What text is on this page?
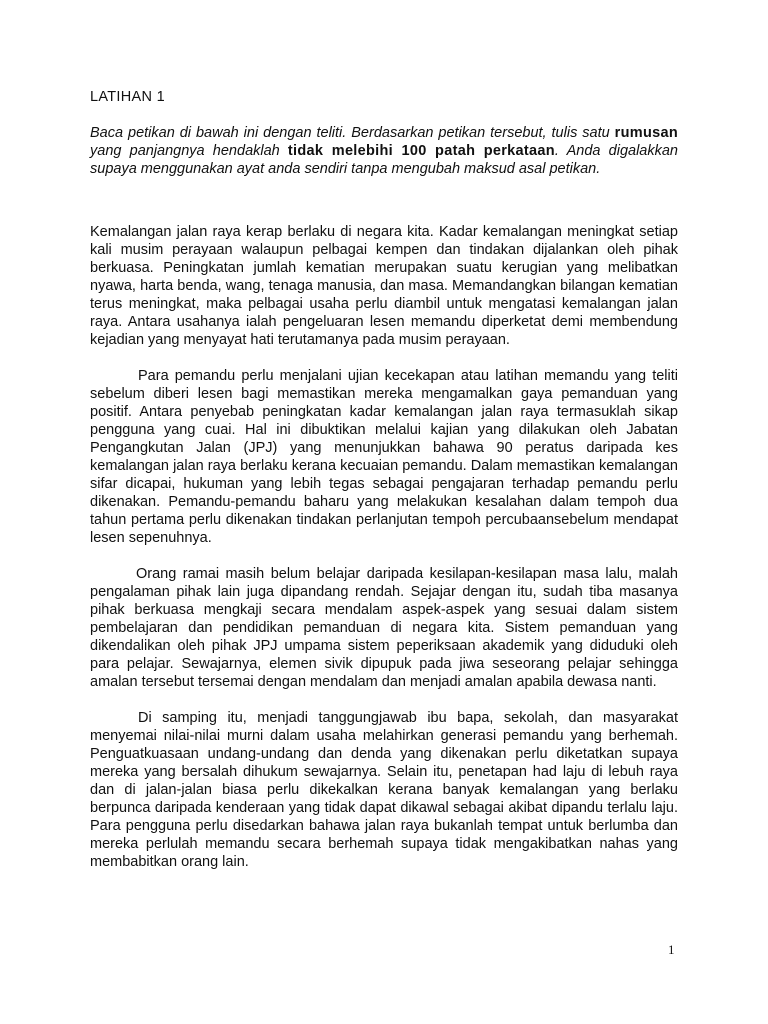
LATIHAN 1
Baca petikan di bawah ini dengan teliti. Berdasarkan petikan tersebut, tulis satu rumusan yang panjangnya hendaklah tidak melebihi 100 patah perkataan. Anda digalakkan supaya menggunakan ayat anda sendiri tanpa mengubah maksud asal petikan.

Kemalangan jalan raya kerap berlaku di negara kita. Kadar kemalangan meningkat setiap kali musim perayaan walaupun pelbagai kempen dan tindakan dijalankan oleh pihak berkuasa. Peningkatan jumlah kematian merupakan suatu kerugian yang melibatkan nyawa, harta benda, wang, tenaga manusia, dan masa. Memandangkan bilangan kematian terus meningkat, maka pelbagai usaha perlu diambil untuk mengatasi kemalangan jalan raya. Antara usahanya ialah pengeluaran lesen memandu diperketat demi membendung kejadian yang menyayat hati terutamanya pada musim perayaan.

Para pemandu perlu menjalani ujian kecekapan atau latihan memandu yang teliti sebelum diberi lesen bagi memastikan mereka mengamalkan gaya pemanduan yang positif. Antara penyebab peningkatan kadar kemalangan jalan raya termasuklah sikap pengguna yang cuai. Hal ini dibuktikan melalui kajian yang dilakukan oleh Jabatan Pengangkutan Jalan (JPJ) yang menunjukkan bahawa 90 peratus daripada kes kemalangan jalan raya berlaku kerana kecuaian pemandu. Dalam memastikan kemalangan sifar dicapai, hukuman yang lebih tegas sebagai pengajaran terhadap pemandu perlu dikenakan. Pemandu-pemandu baharu yang melakukan kesalahan dalam tempoh dua tahun pertama perlu dikenakan tindakan perlanjutan tempoh percubaansebelum mendapat lesen sepenuhnya.

Orang ramai masih belum belajar daripada kesilapan-kesilapan masa lalu, malah pengalaman pihak lain juga dipandang rendah. Sejajar dengan itu, sudah tiba masanya pihak berkuasa mengkaji secara mendalam aspek-aspek yang sesuai dalam sistem pembelajaran dan pendidikan pemanduan di negara kita. Sistem pemanduan yang dikendalikan oleh pihak JPJ umpama sistem peperiksaan akademik yang diduduki oleh para pelajar. Sewajarnya, elemen sivik dipupuk pada jiwa seseorang pelajar sehingga amalan tersebut tersemai dengan mendalam dan menjadi amalan apabila dewasa nanti.

Di samping itu, menjadi tanggungjawab ibu bapa, sekolah, dan masyarakat menyemai nilai-nilai murni dalam usaha melahirkan generasi pemandu yang berhemah. Penguatkuasaan undang-undang dan denda yang dikenakan perlu diketatkan supaya mereka yang bersalah dihukum sewajarnya. Selain itu, penetapan had laju di lebuh raya dan di jalan-jalan biasa perlu dikekalkan kerana banyak kemalangan yang berlaku berpunca daripada kenderaan yang tidak dapat dikawal sebagai akibat dipandu terlalu laju. Para pengguna perlu disedarkan bahawa jalan raya bukanlah tempat untuk berlumba dan mereka perlulah memandu secara berhemah supaya tidak mengakibatkan nahas yang membabitkan orang lain.

1
